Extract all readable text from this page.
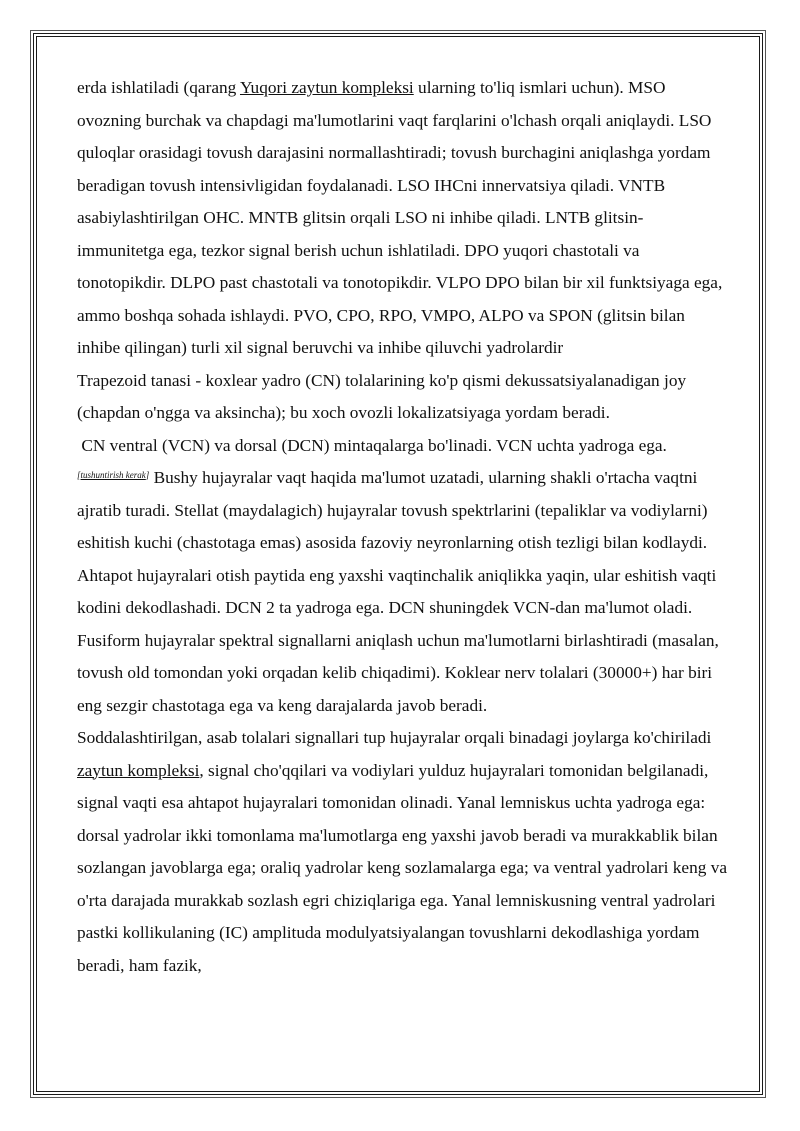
erda ishlatiladi (qarang Yuqori zaytun kompleksi ularning to'liq ismlari uchun). MSO ovozning burchak va chapdagi ma'lumotlarini vaqt farqlarini o'lchash orqali aniqlaydi. LSO quloqlar orasidagi tovush darajasini normallashtiradi; tovush burchagini aniqlashga yordam beradigan tovush intensivligidan foydalanadi. LSO IHCni innervatsiya qiladi. VNTB asabiylashtirilgan OHC. MNTB glitsin orqali LSO ni inhibe qiladi. LNTB glitsin-immunitetga ega, tezkor signal berish uchun ishlatiladi. DPO yuqori chastotali va tonotopikdir. DLPO past chastotali va tonotopikdir. VLPO DPO bilan bir xil funktsiyaga ega, ammo boshqa sohada ishlaydi. PVO, CPO, RPO, VMPO, ALPO va SPON (glitsin bilan inhibe qilingan) turli xil signal beruvchi va inhibe qiluvchi yadrolardir

Trapezoid tanasi - koxlear yadro (CN) tolalarining ko'p qismi dekussatsiyalanadigan joy (chapdan o'ngga va aksincha); bu xoch ovozli lokalizatsiyaga yordam beradi.

CN ventral (VCN) va dorsal (DCN) mintaqalarga bo'linadi. VCN uchta yadroga ega.
[tushuntirish kerak] Bushy hujayralar vaqt haqida ma'lumot uzatadi, ularning shakli o'rtacha vaqtni ajratib turadi. Stellat (maydalagich) hujayralar tovush spektrlarini (tepaliklar va vodiylarni) eshitish kuchi (chastotaga emas) asosida fazoviy neyronlarning otish tezligi bilan kodlaydi. Ahtapot hujayralari otish paytida eng yaxshi vaqtinchalik aniqlikka yaqin, ular eshitish vaqti kodini dekodlashadi. DCN 2 ta yadroga ega. DCN shuningdek VCN-dan ma'lumot oladi. Fusiform hujayralar spektral signallarni aniqlash uchun ma'lumotlarni birlashtiradi (masalan, tovush old tomondan yoki orqadan kelib chiqadimi). Koklear nerv tolalari (30000+) har biri eng sezgir chastotaga ega va keng darajalarda javob beradi.

Soddalashtirilgan, asab tolalari signallari tup hujayralar orqali binadagi joylarga ko'chiriladi zaytun kompleksi, signal cho'qqilari va vodiylari yulduz hujayralari tomonidan belgilanadi, signal vaqti esa ahtapot hujayralari tomonidan olinadi. Yanal lemniskus uchta yadroga ega: dorsal yadrolar ikki tomonlama ma'lumotlarga eng yaxshi javob beradi va murakkablik bilan sozlangan javoblarga ega; oraliq yadrolar keng sozlamalarga ega; va ventral yadrolari keng va o'rta darajada murakkab sozlash egri chiziqlariga ega. Yanal lemniskusning ventral yadrolari pastki kollikulaning (IC) amplituda modulyatsiyalangan tovushlarni dekodlashiga yordam beradi, ham fazik,
